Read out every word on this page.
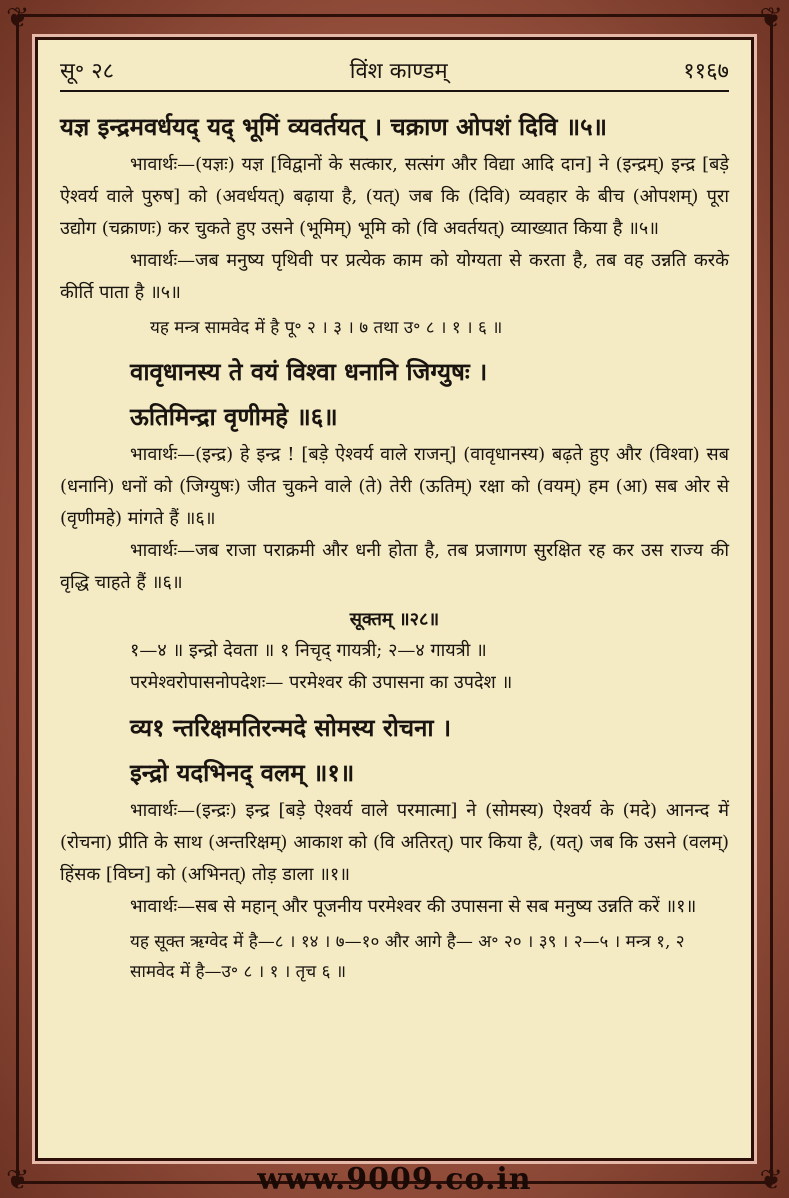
❦	❦
❦	❦
सू॰ २८	विंश काण्डम्	११६७
यज्ञ इन्द्रमवर्धयद् यद् भूमिं व्यवर्तयत् । चक्राण ओपशं दिवि ॥५॥

भावार्थः—(यज्ञः) यज्ञ [विद्वानों के सत्कार, सत्संग और विद्या आदि दान] ने (इन्द्रम्) इन्द्र [बड़े ऐश्वर्य वाले पुरुष] को (अवर्धयत्) बढ़ाया है, (यत्) जब कि (दिवि) व्यवहार के बीच (ओपशम्) पूरा उद्योग (चक्राणः) कर चुकते हुए उसने (भूमिम्) भूमि को (वि अवर्तयत्) व्याख्यात किया है ॥५॥

भावार्थः—जब मनुष्य पृथिवी पर प्रत्येक काम को योग्यता से करता है, तब वह उन्नति करके कीर्ति पाता है ॥५॥

यह मन्त्र सामवेद में है पू॰ २ । ३ । ७ तथा उ॰ ८ । १ । ६ ॥
वावृधानस्य ते वयं विश्वा धनानि जिग्युषः ।
ऊतिमिन्द्रा वृणीमहे ॥६॥

भावार्थः—(इन्द्र) हे इन्द्र ! [बड़े ऐश्वर्य वाले राजन्] (वावृधानस्य) बढ़ते हुए और (विश्वा) सब (धनानि) धनों को (जिग्युषः) जीत चुकने वाले (ते) तेरी (ऊतिम्) रक्षा को (वयम्) हम (आ) सब ओर से (वृणीमहे) मांगते हैं ॥६॥

भावार्थः—जब राजा पराक्रमी और धनी होता है, तब प्रजागण सुरक्षित रह कर उस राज्य की वृद्धि चाहते हैं ॥६॥

सूक्तम् ॥२८॥
१—४ ॥ इन्द्रो देवता ॥ १ निचृद् गायत्री; २—४ गायत्री ॥
परमेश्वरोपासनोपदेशः— परमेश्वर की उपासना का उपदेश ॥
व्य१ न्तरिक्षमतिरन्मदे सोमस्य रोचना ।
इन्द्रो यदभिनद् वलम् ॥१॥

भावार्थः—(इन्द्रः) इन्द्र [बड़े ऐश्वर्य वाले परमात्मा] ने (सोमस्य) ऐश्वर्य के (मदे) आनन्द में (रोचना) प्रीति के साथ (अन्तरिक्षम्) आकाश को (वि अतिरत्) पार किया है, (यत्) जब कि उसने (वलम्) हिंसक [विघ्न] को (अभिनत्) तोड़ डाला ॥१॥

भावार्थः—सब से महान् और पूजनीय परमेश्वर की उपासना से सब मनुष्य उन्नति करें ॥१॥

यह सूक्त ऋग्वेद में है—८ । १४ । ७—१० और आगे है— अ॰ २० । ३९ । २—५ । मन्त्र १, २ सामवेद में है—उ॰ ८ । १ । तृच ६ ॥
www.9009.co.in
